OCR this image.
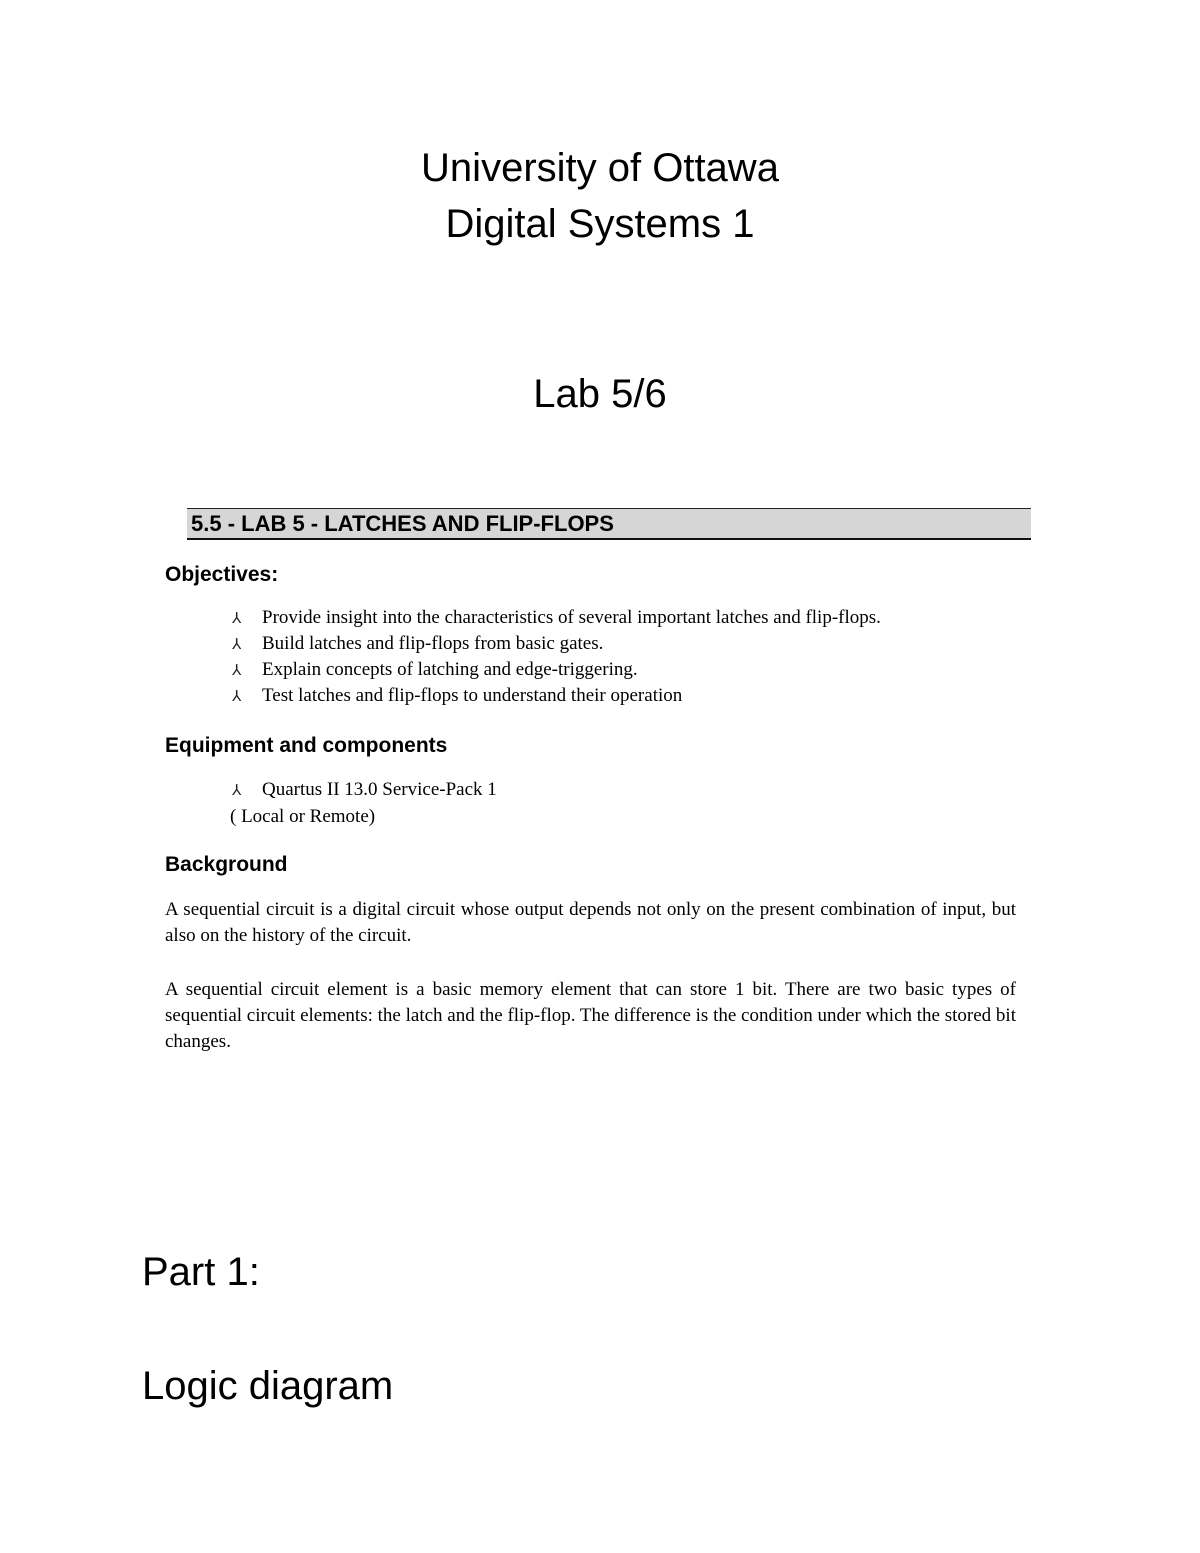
University of Ottawa
Digital Systems 1
Lab 5/6
5.5 - LAB 5 - LATCHES AND FLIP-FLOPS
Objectives:
⅄ Provide insight into the characteristics of several important latches and flip-flops.
⅄ Build latches and flip-flops from basic gates.
⅄ Explain concepts of latching and edge-triggering.
⅄ Test latches and flip-flops to understand their operation
Equipment and components
⅄ Quartus II 13.0 Service-Pack 1
( Local or Remote)
Background

A sequential circuit is a digital circuit whose output depends not only on the present combination of input, but also on the history of the circuit.

A sequential circuit element is a basic memory element that can store 1 bit. There are two basic types of sequential circuit elements: the latch and the flip-flop. The difference is the condition under which the stored bit changes.

Part 1:
Logic diagram
